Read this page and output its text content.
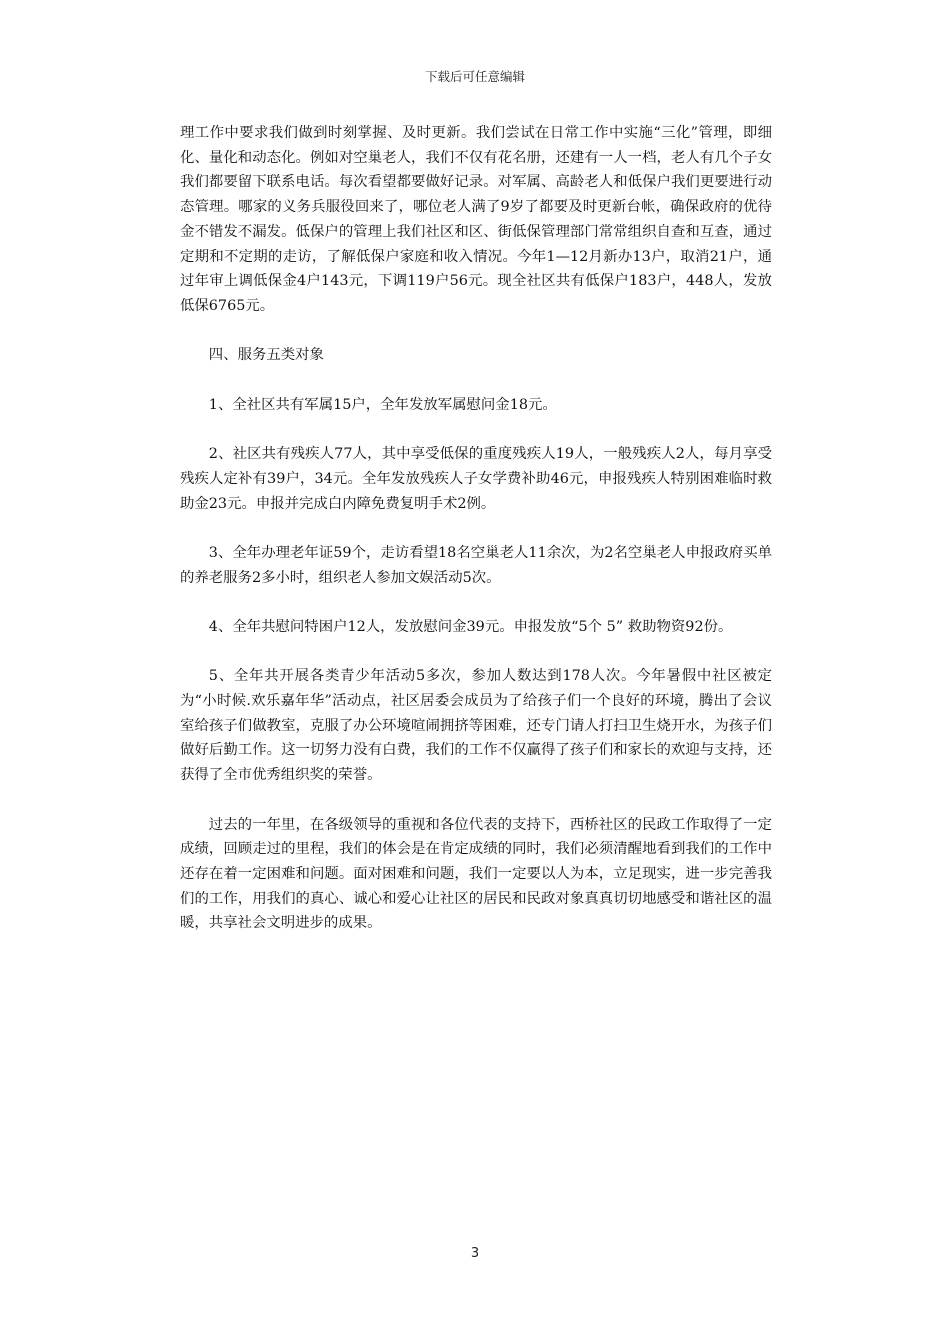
下载后可任意编辑

理工作中要求我们做到时刻掌握、及时更新。我们尝试在日常工作中实施“三化”管理，即细化、量化和动态化。例如对空巢老人，我们不仅有花名册，还建有一人一档，老人有几个子女我们都要留下联系电话。每次看望都要做好记录。对军属、高龄老人和低保户我们更要进行动态管理。哪家的义务兵服役回来了，哪位老人满了9岁了都要及时更新台帐，确保政府的优待金不错发不漏发。低保户的管理上我们社区和区、街低保管理部门常常组织自查和互查，通过定期和不定期的走访，了解低保户家庭和收入情况。今年1—12月新办13户，取消21户，通过年审上调低保金4户143元，下调119户56元。现全社区共有低保户183户，448人，发放低保6765元。

四、服务五类对象

1、全社区共有军属15户，全年发放军属慰问金18元。

2、社区共有残疾人77人，其中享受低保的重度残疾人19人，一般残疾人2人，每月享受残疾人定补有39户，34元。全年发放残疾人子女学费补助46元，申报残疾人特别困难临时救助金23元。申报并完成白内障免费复明手术2例。

3、全年办理老年证59个，走访看望18名空巢老人11余次，为2名空巢老人申报政府买单的养老服务2多小时，组织老人参加文娱活动5次。

4、全年共慰问特困户12人，发放慰问金39元。申报发放“5个 5” 救助物资92份。

5、全年共开展各类青少年活动5多次，参加人数达到178人次。今年暑假中社区被定为“小时候.欢乐嘉年华”活动点，社区居委会成员为了给孩子们一个良好的环境，腾出了会议室给孩子们做教室，克服了办公环境喧闹拥挤等困难，还专门请人打扫卫生烧开水，为孩子们做好后勤工作。这一切努力没有白费，我们的工作不仅赢得了孩子们和家长的欢迎与支持，还获得了全市优秀组织奖的荣誉。

过去的一年里，在各级领导的重视和各位代表的支持下，西桥社区的民政工作取得了一定成绩，回顾走过的里程，我们的体会是在肯定成绩的同时，我们必须清醒地看到我们的工作中还存在着一定困难和问题。面对困难和问题，我们一定要以人为本，立足现实，进一步完善我们的工作，用我们的真心、诚心和爱心让社区的居民和民政对象真真切切地感受和谐社区的温暖，共享社会文明进步的成果。

3
